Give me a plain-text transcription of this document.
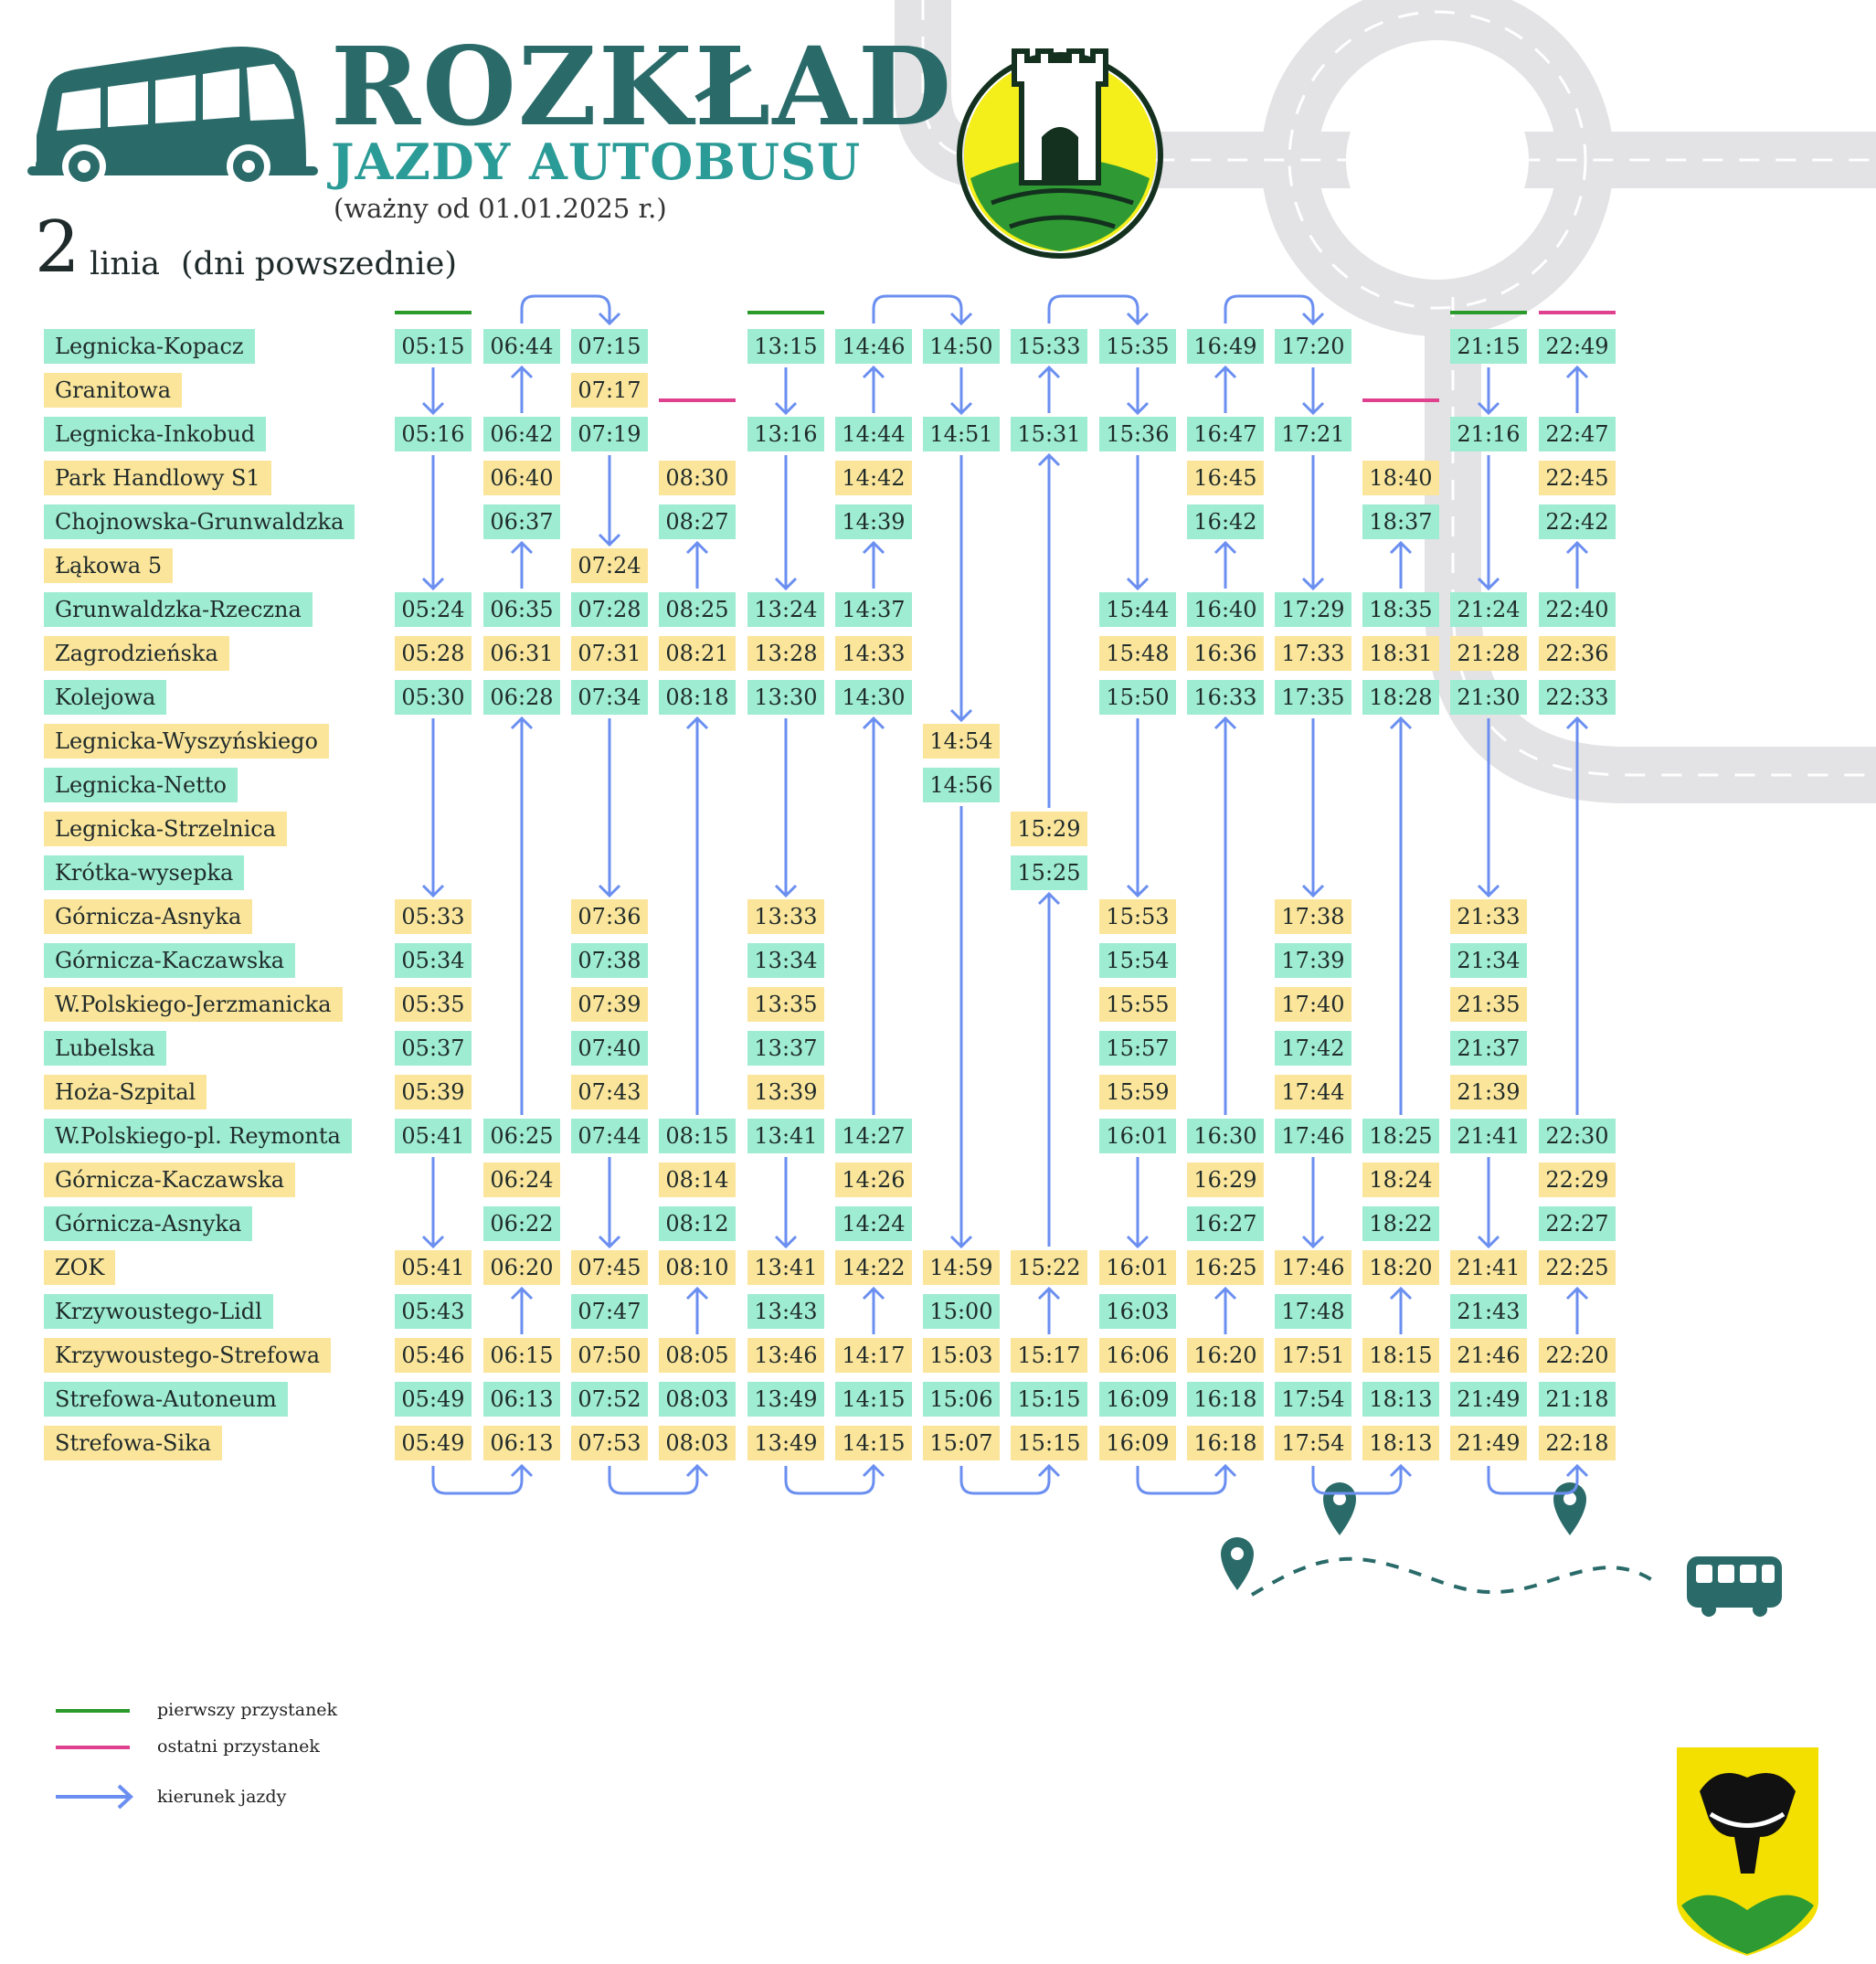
ROZKŁAD
JAZDY AUTOBUSU
(ważny od 01.01.2025 r.)
2 linia (dni powszednie)
Legnicka-Kopacz
Granitowa
Legnicka-Inkobud
Park Handlowy S1
Chojnowska-Grunwaldzka
Łąkowa 5
Grunwaldzka-Rzeczna
Zagrodzieńska
Kolejowa
Legnicka-Wyszyńskiego
Legnicka-Netto
Legnicka-Strzelnica
Krótka-wysepka
Górnicza-Asnyka
Górnicza-Kaczawska
W.Polskiego-Jerzmanicka
Lubelska
Hoża-Szpital
W.Polskiego-pl. Reymonta
Górnicza-Kaczawska
Górnicza-Asnyka
ZOK
Krzywoustego-Lidl
Krzywoustego-Strefowa
Strefowa-Autoneum
Strefowa-Sika
05:15
05:16
05:24
05:28
05:30
05:33
05:34
05:35
05:37
05:39
05:41
05:41
05:43
05:46
05:49
05:49
06:44
06:42
06:40
06:37
06:35
06:31
06:28
06:25
06:24
06:22
06:20
06:15
06:13
06:13
07:15
07:17
07:19
07:24
07:28
07:31
07:34
07:36
07:38
07:39
07:40
07:43
07:44
07:45
07:47
07:50
07:52
07:53
08:30
08:27
08:25
08:21
08:18
08:15
08:14
08:12
08:10
08:05
08:03
08:03
13:15
13:16
13:24
13:28
13:30
13:33
13:34
13:35
13:37
13:39
13:41
13:41
13:43
13:46
13:49
13:49
14:46
14:44
14:42
14:39
14:37
14:33
14:30
14:27
14:26
14:24
14:22
14:17
14:15
14:15
14:50
14:51
14:54
14:56
14:59
15:00
15:03
15:06
15:07
15:33
15:31
15:29
15:25
15:22
15:17
15:15
15:15
15:35
15:36
15:44
15:48
15:50
15:53
15:54
15:55
15:57
15:59
16:01
16:01
16:03
16:06
16:09
16:09
16:49
16:47
16:45
16:42
16:40
16:36
16:33
16:30
16:29
16:27
16:25
16:20
16:18
16:18
17:20
17:21
17:29
17:33
17:35
17:38
17:39
17:40
17:42
17:44
17:46
17:46
17:48
17:51
17:54
17:54
18:40
18:37
18:35
18:31
18:28
18:25
18:24
18:22
18:20
18:15
18:13
18:13
21:15
21:16
21:24
21:28
21:30
21:33
21:34
21:35
21:37
21:39
21:41
21:41
21:43
21:46
21:49
21:49
22:49
22:47
22:45
22:42
22:40
22:36
22:33
22:30
22:29
22:27
22:25
22:20
21:18
22:18
pierwszy przystanek
ostatni przystanek
kierunek jazdy
